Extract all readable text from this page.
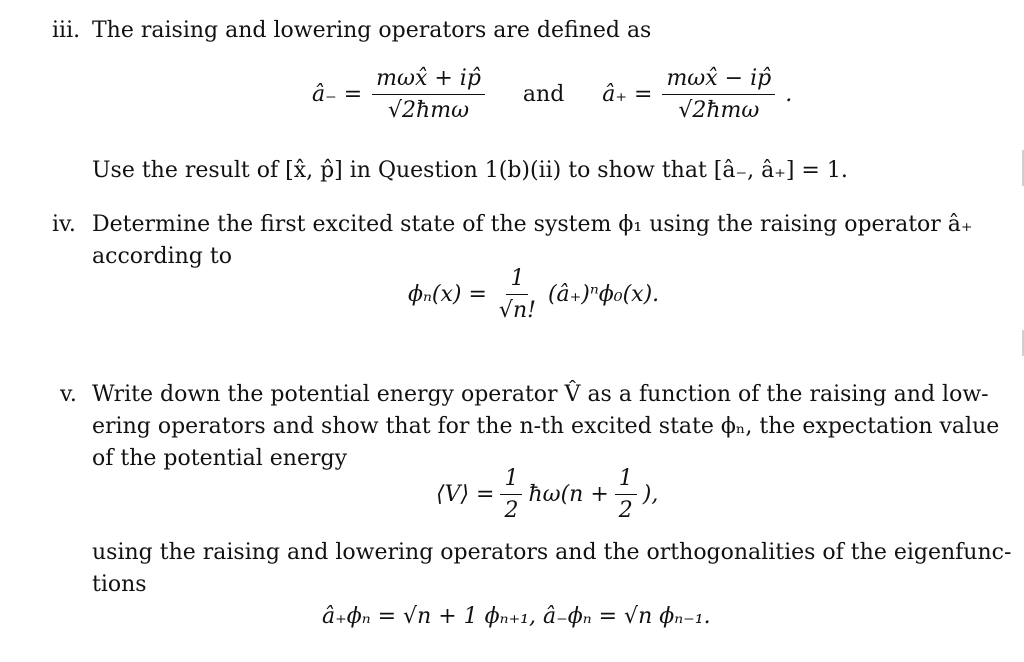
iii. The raising and lowering operators are defined as
â₋ = $\frac{\text{mωx̂ + ip̂}}{\text{√2ħmω}}$ and â₊ = $\frac{\text{mωx̂ − ip̂}}{\text{√2ħmω}}$ .
Use the result of [x̂, p̂] in Question 1(b)(ii) to show that [â₋, â₊] = 1.
iv. Determine the first excited state of the system ϕ₁ using the raising operator â₊
according to
$\phi_n(x) = \frac{1}{√n!}$ (â₊)ⁿϕ₀(x).
v. Write down the potential energy operator V̂ as a function of the raising and low-
ering operators and show that for the n-th excited state ϕₙ, the expectation value
of the potential energy
⟨V⟩ = $\frac{1}{2}$ ħω(n + $\frac{1}{2}$ ),
using the raising and lowering operators and the orthogonalities of the eigenfunc-
tions
â₊ϕₙ = √n + 1 ϕₙ₊₁, â₋ϕₙ = √n ϕₙ₋₁.
